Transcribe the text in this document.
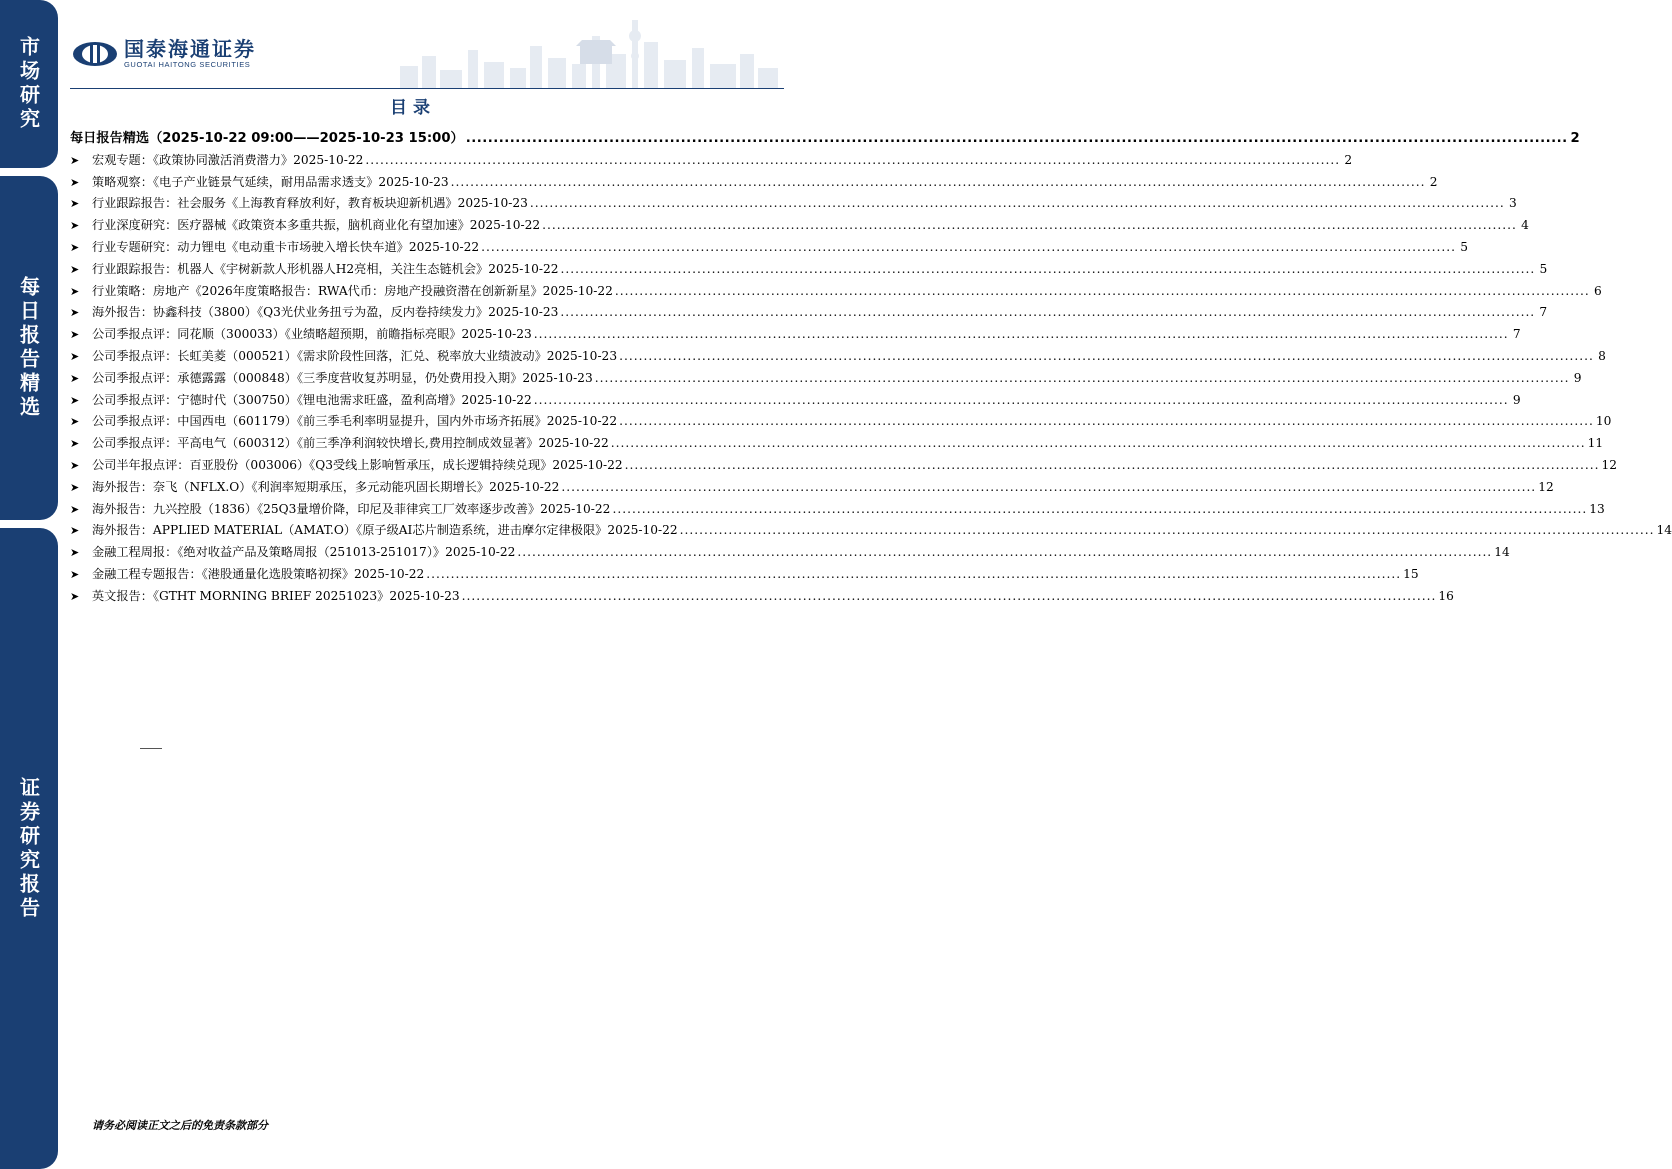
市场研究
每日报告精选
证券研究报告
国泰海通证券
GUOTAI HAITONG SECURITIES
目录
每日报告精选（2025-10-22 09:00——2025-10-23 15:00） .....	2
➤	宏观专题：《政策协同激活消费潜力》2025-10-22 .....	2
➤	策略观察：《电子产业链景气延续，耐用品需求透支》2025-10-23 .....	2
➤	行业跟踪报告：社会服务《上海教育释放利好，教育板块迎新机遇》2025-10-23 .....	3
➤	行业深度研究：医疗器械《政策资本多重共振，脑机商业化有望加速》2025-10-22 .....	4
➤	行业专题研究：动力锂电《电动重卡市场驶入增长快车道》2025-10-22 .....	5
➤	行业跟踪报告：机器人《宇树新款人形机器人H2亮相，关注生态链机会》2025-10-22 .....	5
➤	行业策略：房地产《2026年度策略报告：RWA代币：房地产投融资潜在创新新星》2025-10-22 .....	6
➤	海外报告：协鑫科技（3800）《Q3光伏业务扭亏为盈，反内卷持续发力》2025-10-23 .....	7
➤	公司季报点评：同花顺（300033）《业绩略超预期，前瞻指标亮眼》2025-10-23 .....	7
➤	公司季报点评：长虹美菱（000521）《需求阶段性回落，汇兑、税率放大业绩波动》2025-10-23 .....	8
➤	公司季报点评：承德露露（000848）《三季度营收复苏明显，仍处费用投入期》2025-10-23 .....	9
➤	公司季报点评：宁德时代（300750）《锂电池需求旺盛，盈利高增》2025-10-22 .....	9
➤	公司季报点评：中国西电（601179）《前三季毛利率明显提升，国内外市场齐拓展》2025-10-22 .....	10
➤	公司季报点评：平高电气（600312）《前三季净利润较快增长,费用控制成效显著》2025-10-22 .....	11
➤	公司半年报点评：百亚股份（003006）《Q3受线上影响暂承压，成长逻辑持续兑现》2025-10-22 .....	12
➤	海外报告：奈飞（NFLX.O）《利润率短期承压，多元动能巩固长期增长》2025-10-22 .....	12
➤	海外报告：九兴控股（1836）《25Q3量增价降，印尼及菲律宾工厂效率逐步改善》2025-10-22 .....	13
➤	海外报告：APPLIED MATERIAL（AMAT.O）《原子级AI芯片制造系统，进击摩尔定律极限》2025-10-22 .....	14
➤	金融工程周报：《绝对收益产品及策略周报（251013-251017）》2025-10-22 .....	14
➤	金融工程专题报告：《港股通量化选股策略初探》2025-10-22 .....	15
➤	英文报告：《GTHT MORNING BRIEF 20251023》2025-10-23 .....	16
请务必阅读正文之后的免责条款部分
